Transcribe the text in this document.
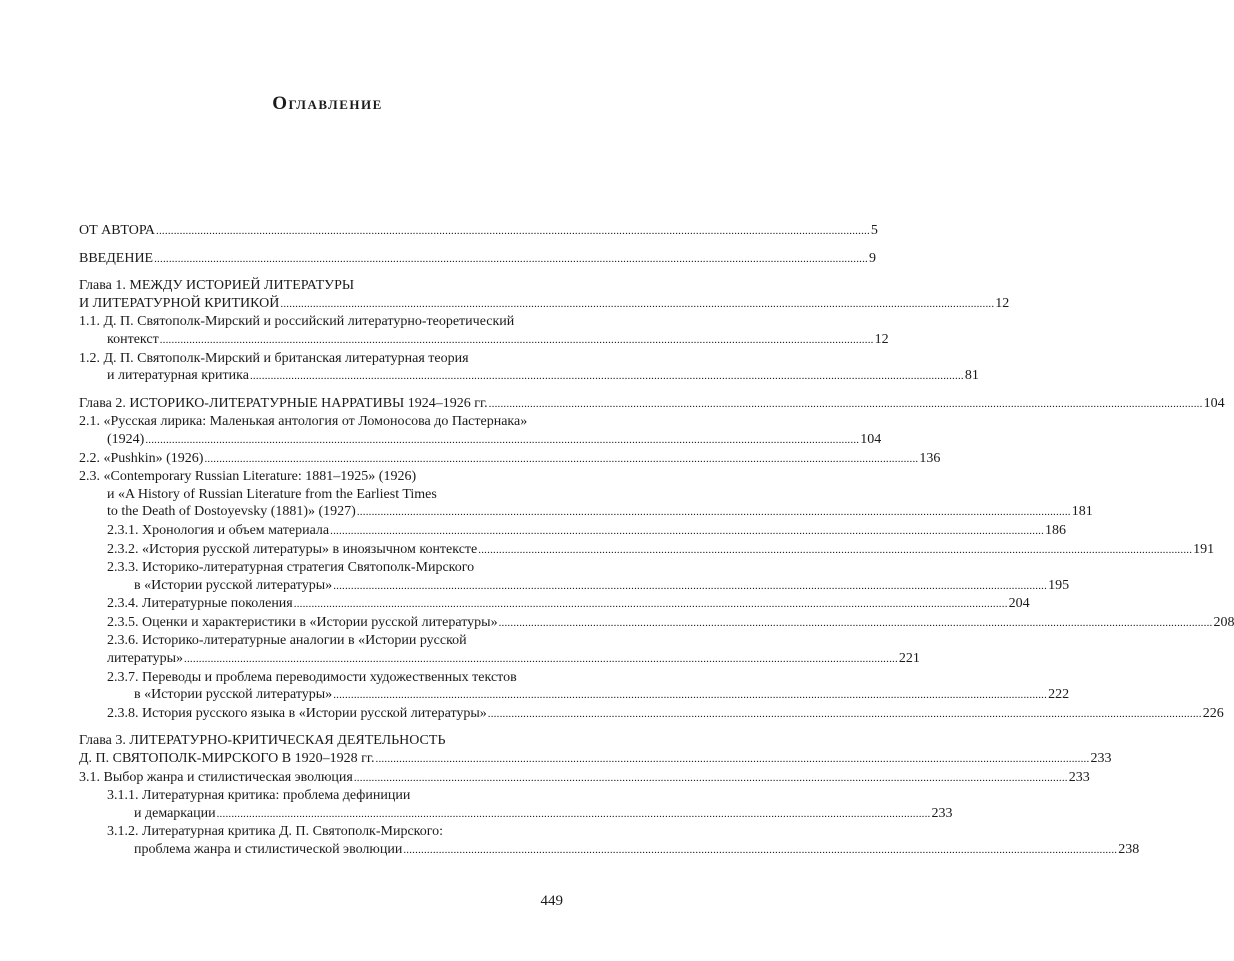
Оглавление
ОТ АВТОРА .....	5
ВВЕДЕНИЕ .....	9
Глава 1. МЕЖДУ ИСТОРИЕЙ ЛИТЕРАТУРЫ
И ЛИТЕРАТУРНОЙ КРИТИКОЙ .....	12
1.1. Д. П. Святополк-Мирский и российский литературно-теоретический
контекст .....	12
1.2. Д. П. Святополк-Мирский и британская литературная теория
и литературная критика .....	81
Глава 2. ИСТОРИКО-ЛИТЕРАТУРНЫЕ НАРРАТИВЫ 1924–1926 гг. .....	104
2.1. «Русская лирика: Маленькая антология от Ломоносова до Пастернака»
(1924) .....	104
2.2. «Pushkin» (1926) .....	136
2.3. «Contemporary Russian Literature: 1881–1925» (1926)
и «A History of Russian Literature from the Earliest Times
to the Death of Dostoyevsky (1881)» (1927) .....	181
2.3.1. Хронология и объем материала .....	186
2.3.2. «История русской литературы» в иноязычном контексте .....	191
2.3.3. Историко-литературная стратегия Святополк-Мирского
в «Истории русской литературы» .....	195
2.3.4. Литературные поколения .....	204
2.3.5. Оценки и характеристики в «Истории русской литературы» .....	208
2.3.6. Историко-литературные аналогии в «Истории русской
литературы» .....	221
2.3.7. Переводы и проблема переводимости художественных текстов
в «Истории русской литературы» .....	222
2.3.8. История русского языка в «Истории русской литературы» .....	226
Глава 3. ЛИТЕРАТУРНО-КРИТИЧЕСКАЯ ДЕЯТЕЛЬНОСТЬ
Д. П. СВЯТОПОЛК-МИРСКОГО В 1920–1928 гг. .....	233
3.1. Выбор жанра и стилистическая эволюция .....	233
3.1.1. Литературная критика: проблема дефиниции
и демаркации .....	233
3.1.2. Литературная критика Д. П. Святополк-Мирского:
проблема жанра и стилистической эволюции .....	238
449
